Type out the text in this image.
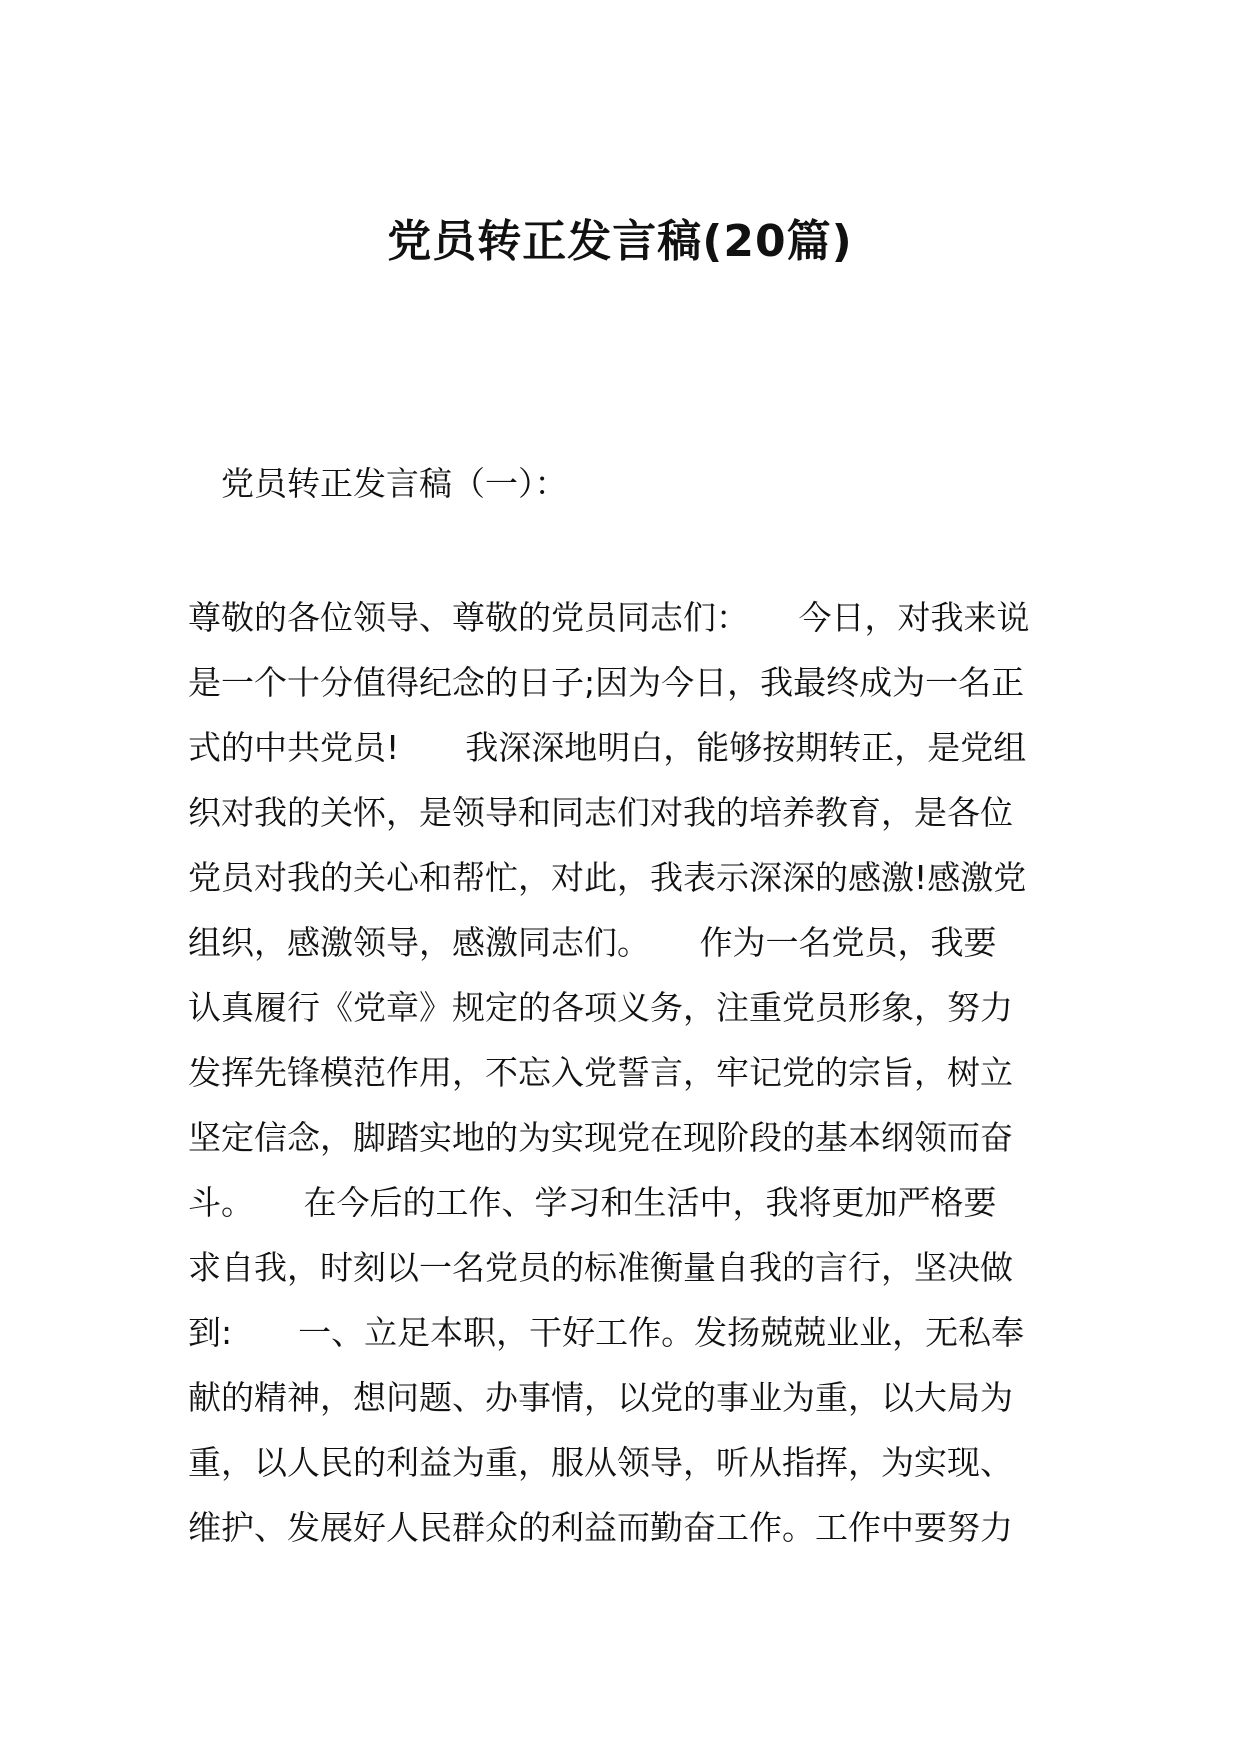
党员转正发言稿(20篇)

党员转正发言稿（一）：

尊敬的各位领导、尊敬的党员同志们：　　今日，对我来说
是一个十分值得纪念的日子;因为今日，我最终成为一名正
式的中共党员!　　我深深地明白，能够按期转正，是党组
织对我的关怀，是领导和同志们对我的培养教育，是各位
党员对我的关心和帮忙，对此，我表示深深的感激!感激党
组织，感激领导，感激同志们。　　作为一名党员，我要
认真履行《党章》规定的各项义务，注重党员形象，努力
发挥先锋模范作用，不忘入党誓言，牢记党的宗旨，树立
坚定信念，脚踏实地的为实现党在现阶段的基本纲领而奋
斗。　　在今后的工作、学习和生活中，我将更加严格要
求自我，时刻以一名党员的标准衡量自我的言行，坚决做
到:　　一、立足本职，干好工作。发扬兢兢业业，无私奉
献的精神，想问题、办事情，以党的事业为重，以大局为
重，以人民的利益为重，服从领导，听从指挥，为实现、
维护、发展好人民群众的利益而勤奋工作。工作中要努力
